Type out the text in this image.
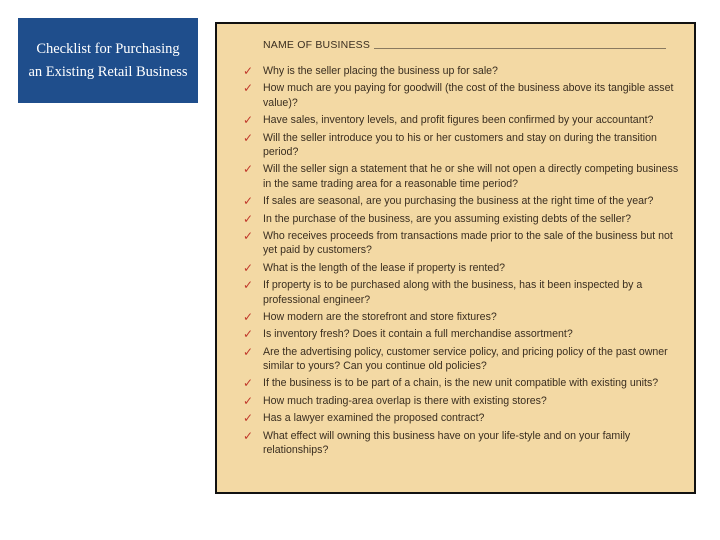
Checklist for Purchasing
an Existing Retail Business
NAME OF BUSINESS
✓ Why is the seller placing the business up for sale?
✓ How much are you paying for goodwill (the cost of the business above its tangible asset value)?
✓ Have sales, inventory levels, and profit figures been confirmed by your accountant?
✓ Will the seller introduce you to his or her customers and stay on during the transition period?
✓ Will the seller sign a statement that he or she will not open a directly competing business in the same trading area for a reasonable time period?
✓ If sales are seasonal, are you purchasing the business at the right time of the year?
✓ In the purchase of the business, are you assuming existing debts of the seller?
✓ Who receives proceeds from transactions made prior to the sale of the business but not yet paid by customers?
✓ What is the length of the lease if property is rented?
✓ If property is to be purchased along with the business, has it been inspected by a professional engineer?
✓ How modern are the storefront and store fixtures?
✓ Is inventory fresh? Does it contain a full merchandise assortment?
✓ Are the advertising policy, customer service policy, and pricing policy of the past owner similar to yours? Can you continue old policies?
✓ If the business is to be part of a chain, is the new unit compatible with existing units?
✓ How much trading-area overlap is there with existing stores?
✓ Has a lawyer examined the proposed contract?
✓ What effect will owning this business have on your life-style and on your family relationships?
